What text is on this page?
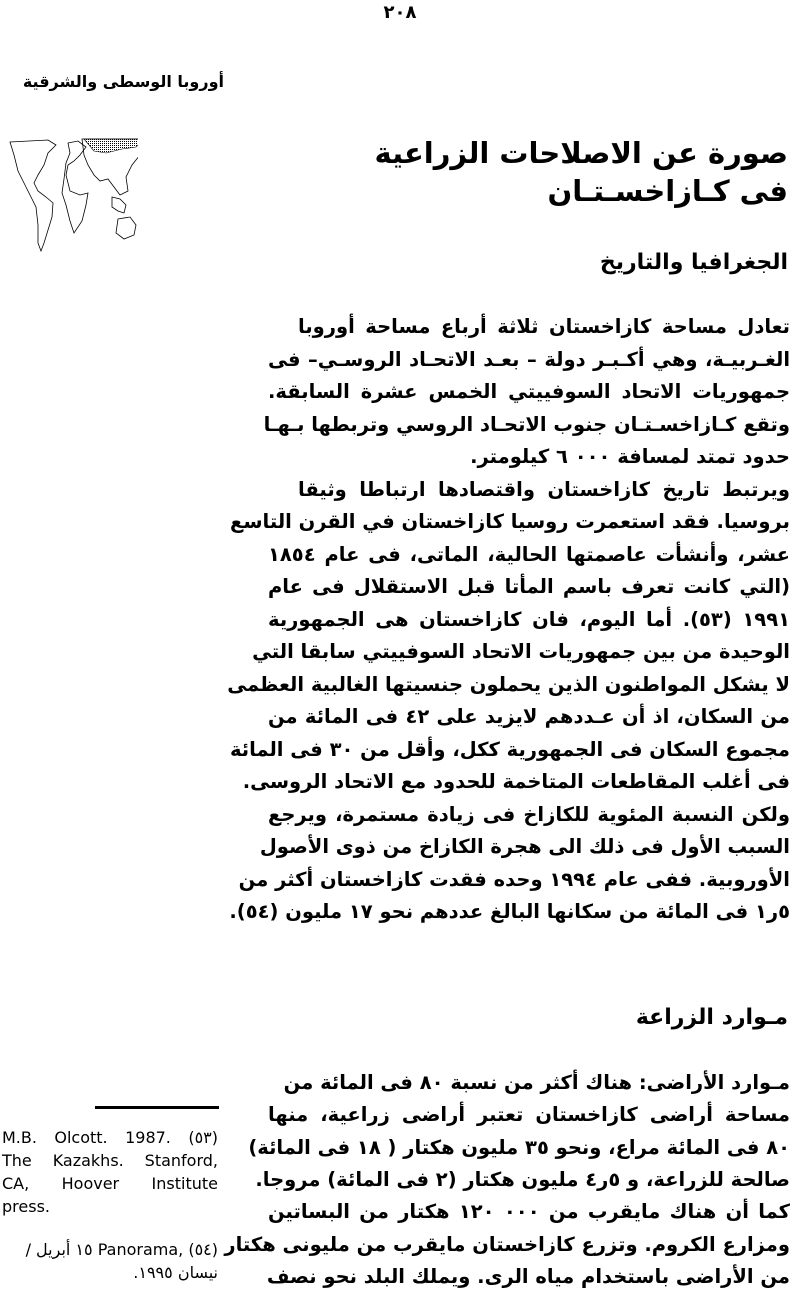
٢٠٨
أوروبا الوسطى والشرقية
صورة عن الاصلاحات الزراعية
فى كـازاخسـتـان
الجغرافيا والتاريخ
تعادل مساحة كازاخستان ثلاثة أرباع مساحة أوروبا
الغـربيـة، وهي أكـبـر دولة – بعـد الاتحـاد الروسـي– فى
جمهوريات الاتحاد السوفييتي الخمس عشرة السابقة.
وتقع كـازاخسـتـان جنوب الاتحـاد الروسي وتربطها بـهـا
حدود تمتد لمسافة ٠٠٠ ٦ كيلومتر.
ويرتبط تاريخ كازاخستان واقتصادها ارتباطا وثيقا
بروسيا. فقد استعمرت روسيا كازاخستان في القرن التاسع
عشر، وأنشأت عاصمتها الحالية، الماتى، فى عام ١٨٥٤
(التي كانت تعرف باسم المأتا قبل الاستقلال فى عام
١٩٩١ (٥٣). أما اليوم، فان كازاخستان هى الجمهورية
الوحيدة من بين جمهوريات الاتحاد السوفييتي سابقا التي
لا يشكل المواطنون الذين يحملون جنسيتها الغالبية العظمى
من السكان، اذ أن عـددهم لايزيد على ٤٢ فى المائة من
مجموع السكان فى الجمهورية ككل، وأقل من ٣٠ فى المائة
فى أغلب المقاطعات المتاخمة للحدود مع الاتحاد الروسى.
ولكن النسبة المئوية للكازاخ فى زيادة مستمرة، ويرجع
السبب الأول فى ذلك الى هجرة الكازاخ من ذوى الأصول
الأوروبية. ففى عام ١٩٩٤ وحده فقدت كازاخستان أكثر من
٥ر١ فى المائة من سكانها البالغ عددهم نحو ١٧ مليون (٥٤).
مـوارد الزراعة
مـوارد الأراضى: هناك أكثر من نسبة ٨٠ فى المائة من
مساحة أراضى كازاخستان تعتبر أراضى زراعية، منها
٨٠ فى المائة مراع، ونحو ٣٥ مليون هكتار ( ١٨ فى المائة)
صالحة للزراعة، و ٥ر٤ مليون هكتار (٢ فى المائة) مروجا.
كما أن هناك مايقرب من ٠٠٠ ١٢٠ هكتار من البساتين
ومزارع الكروم. وتزرع كازاخستان مايقرب من مليونى هكتار
من الأراضى باستخدام مياه الرى. ويملك البلد نحو نصف
M.B. Olcott. 1987. (٥٣)
The Kazakhs. Stanford,
CA, Hoover Institute
press.
(٥٤) ,Panorama ١٥ أبريل /
نيسان ١٩٩٥.
